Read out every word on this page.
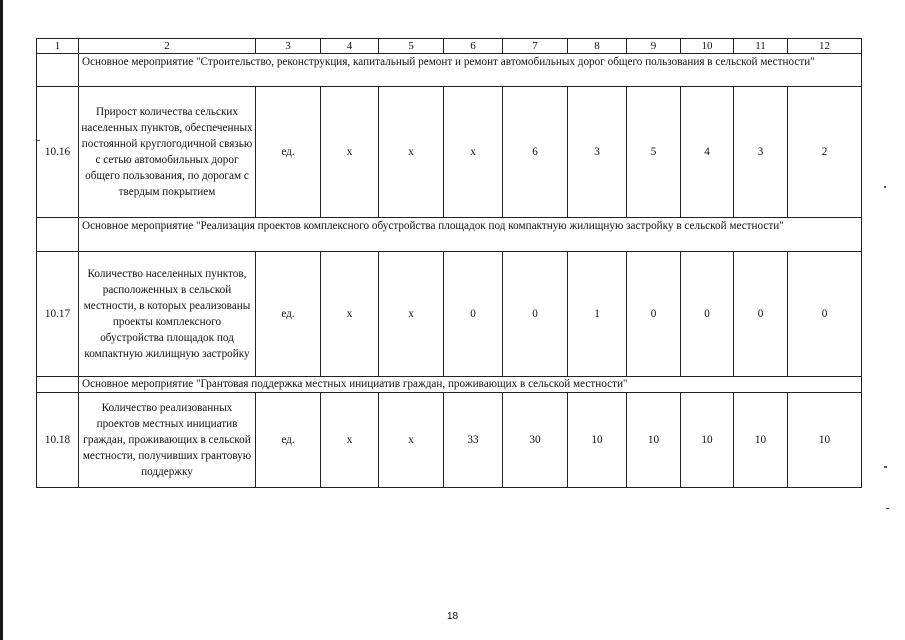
1	2	3	4	5	6	7	8	9	10	11	12
	Основное мероприятие "Строительство, реконструкция, капитальный ремонт и ремонт автомобильных дорог общего пользования в сельской местности"										
10.16	Прирост количества сельских населенных пунктов, обеспеченных постоянной круглогодичной связью с сетью автомобильных дорог общего пользования, по дорогам с твердым покрытием	ед.	х	х	х	6	3	5	4	3	2
	Основное мероприятие "Реализация проектов комплексного обустройства площадок под компактную жилищную застройку в сельской местности"										
10.17	Количество населенных пунктов, расположенных в сельской местности, в которых реализованы проекты комплексного обустройства площадок под компактную жилищную застройку	ед.	х	х	0	0	1	0	0	0	0
	Основное мероприятие "Грантовая поддержка местных инициатив граждан, проживающих в сельской местности"										
10.18	Количество реализованных проектов местных инициатив граждан, проживающих в сельской местности, получивших грантовую поддержку	ед.	х	х	33	30	10	10	10	10	10
18
